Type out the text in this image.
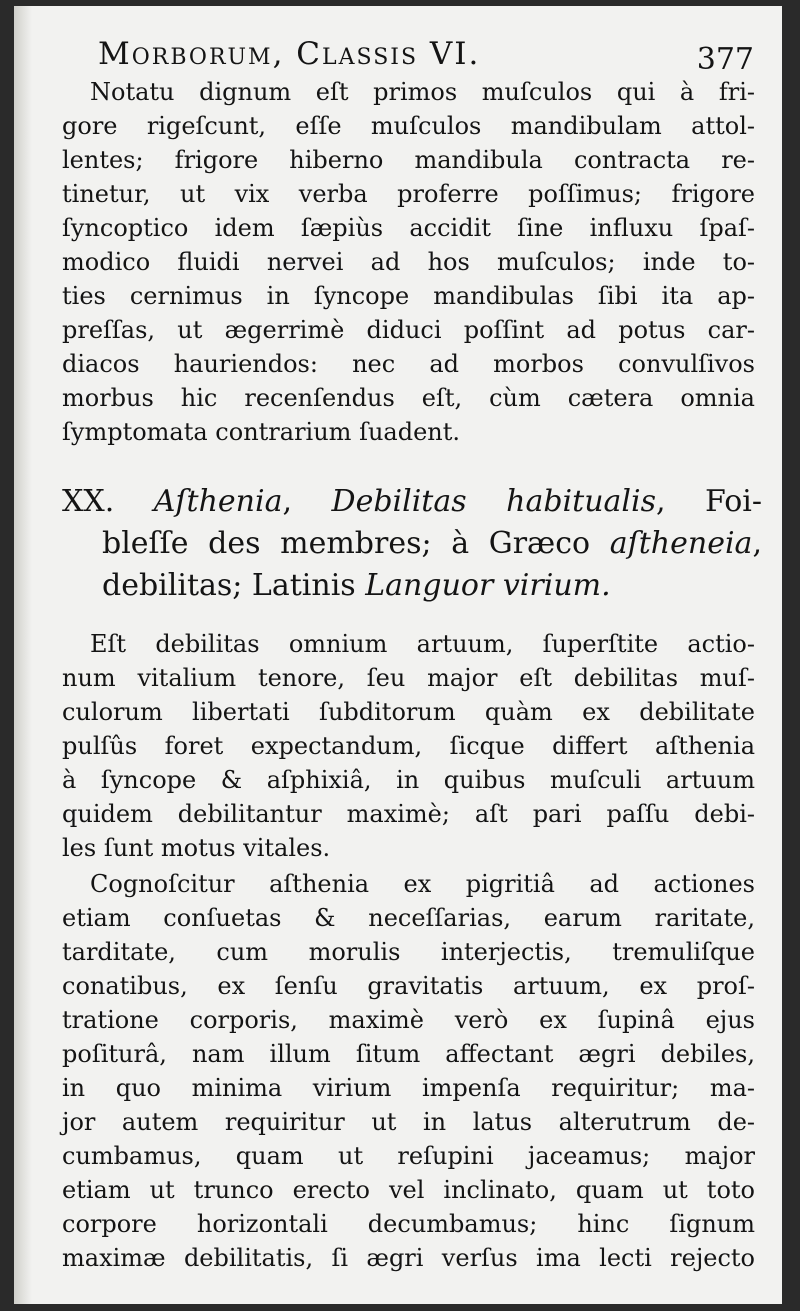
Morborum, Classis VI.	377
Notatu dignum eſt primos muſculos qui à fri-
gore rigeſcunt, eſſe muſculos mandibulam attol-
lentes; frigore hiberno mandibula contracta re-
tinetur, ut vix verba proferre poſſimus; frigore
ſyncoptico idem ſæpiùs accidit ſine influxu ſpaſ-
modico fluidi nervei ad hos muſculos; inde to-
ties cernimus in ſyncope mandibulas ſibi ita ap-
preſſas, ut ægerrimè diduci poſſint ad potus car-
diacos hauriendos: nec ad morbos convulſivos
morbus hic recenſendus eſt, cùm cætera omnia
ſymptomata contrarium ſuadent.
XX. Aſthenia, Debilitas habitualis, Foi-
bleſſe des membres; à Græco aſtheneia,
debilitas; Latinis Languor virium.
Eſt debilitas omnium artuum, ſuperſtite actio-
num vitalium tenore, ſeu major eſt debilitas muſ-
culorum libertati ſubditorum quàm ex debilitate
pulſûs foret expectandum, ſicque differt aſthenia
à ſyncope & aſphixiâ, in quibus muſculi artuum
quidem debilitantur maximè; aſt pari paſſu debi-
les ſunt motus vitales.
Cognoſcitur aſthenia ex pigritiâ ad actiones
etiam conſuetas & neceſſarias, earum raritate,
tarditate, cum morulis interjectis, tremuliſque
conatibus, ex ſenſu gravitatis artuum, ex proſ-
tratione corporis, maximè verò ex ſupinâ ejus
poſiturâ, nam illum ſitum affectant ægri debiles,
in quo minima virium impenſa requiritur; ma-
jor autem requiritur ut in latus alterutrum de-
cumbamus, quam ut reſupini jaceamus; major
etiam ut trunco erecto vel inclinato, quam ut toto
corpore horizontali decumbamus; hinc ſignum
maximæ debilitatis, ſi ægri verſus ima lecti rejecto
